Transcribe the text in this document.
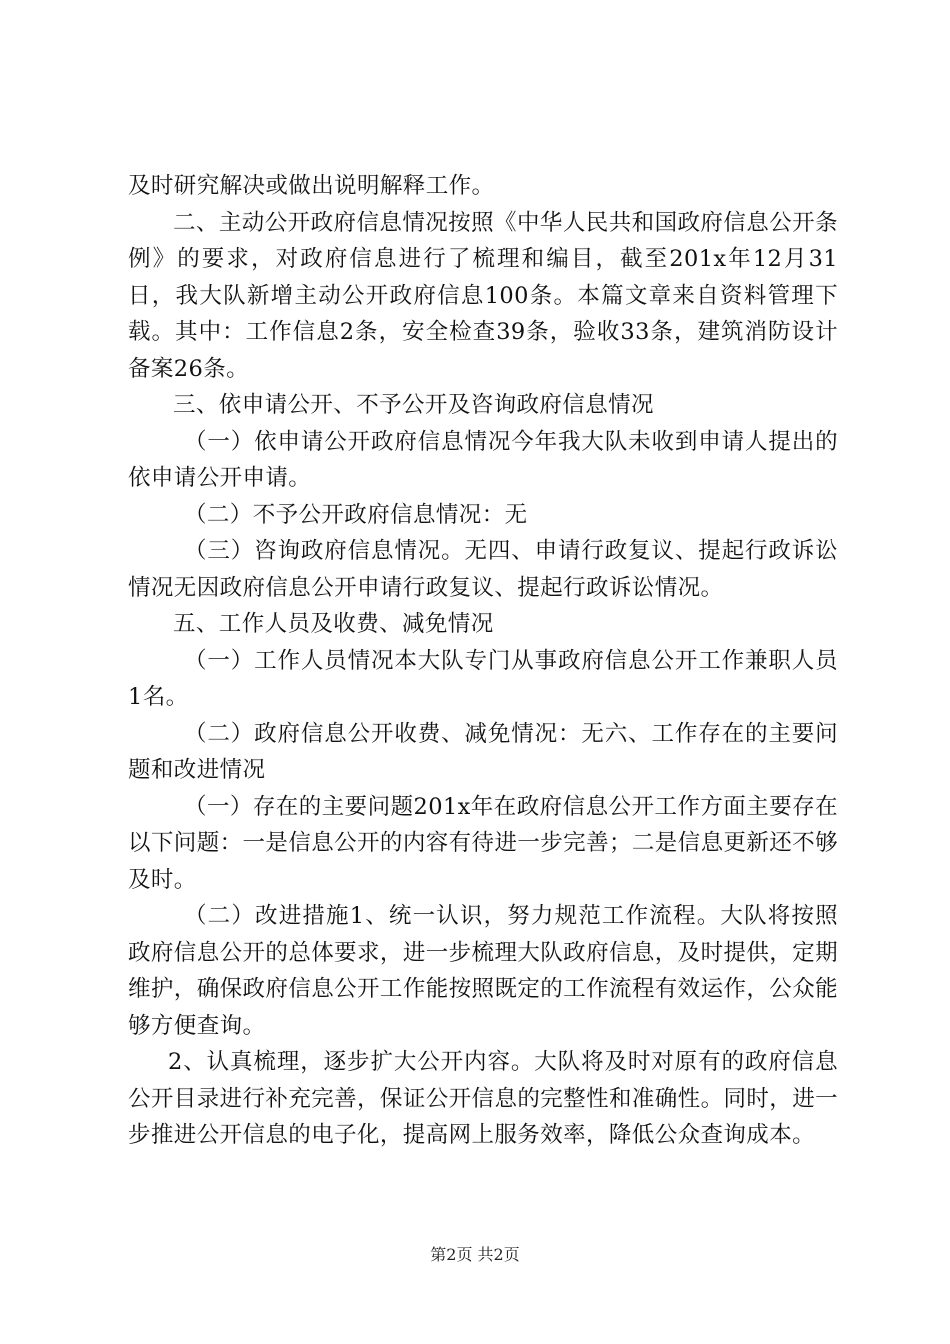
及时研究解决或做出说明解释工作。

二、主动公开政府信息情况按照《中华人民共和国政府信息公开条例》的要求，对政府信息进行了梳理和编目，截至201x年12月31日，我大队新增主动公开政府信息100条。本篇文章来自资料管理下载。其中：工作信息2条，安全检查39条，验收33条，建筑消防设计备案26条。

三、依申请公开、不予公开及咨询政府信息情况

（一）依申请公开政府信息情况今年我大队未收到申请人提出的依申请公开申请。

（二）不予公开政府信息情况：无

（三）咨询政府信息情况。无四、申请行政复议、提起行政诉讼情况无因政府信息公开申请行政复议、提起行政诉讼情况。

五、工作人员及收费、减免情况

（一）工作人员情况本大队专门从事政府信息公开工作兼职人员1名。

（二）政府信息公开收费、减免情况：无六、工作存在的主要问题和改进情况

（一）存在的主要问题201x年在政府信息公开工作方面主要存在以下问题：一是信息公开的内容有待进一步完善；二是信息更新还不够及时。

（二）改进措施1、统一认识，努力规范工作流程。大队将按照政府信息公开的总体要求，进一步梳理大队政府信息，及时提供，定期维护，确保政府信息公开工作能按照既定的工作流程有效运作，公众能够方便查询。

2、认真梳理，逐步扩大公开内容。大队将及时对原有的政府信息公开目录进行补充完善，保证公开信息的完整性和准确性。同时，进一步推进公开信息的电子化，提高网上服务效率，降低公众查询成本。

第2页 共2页
